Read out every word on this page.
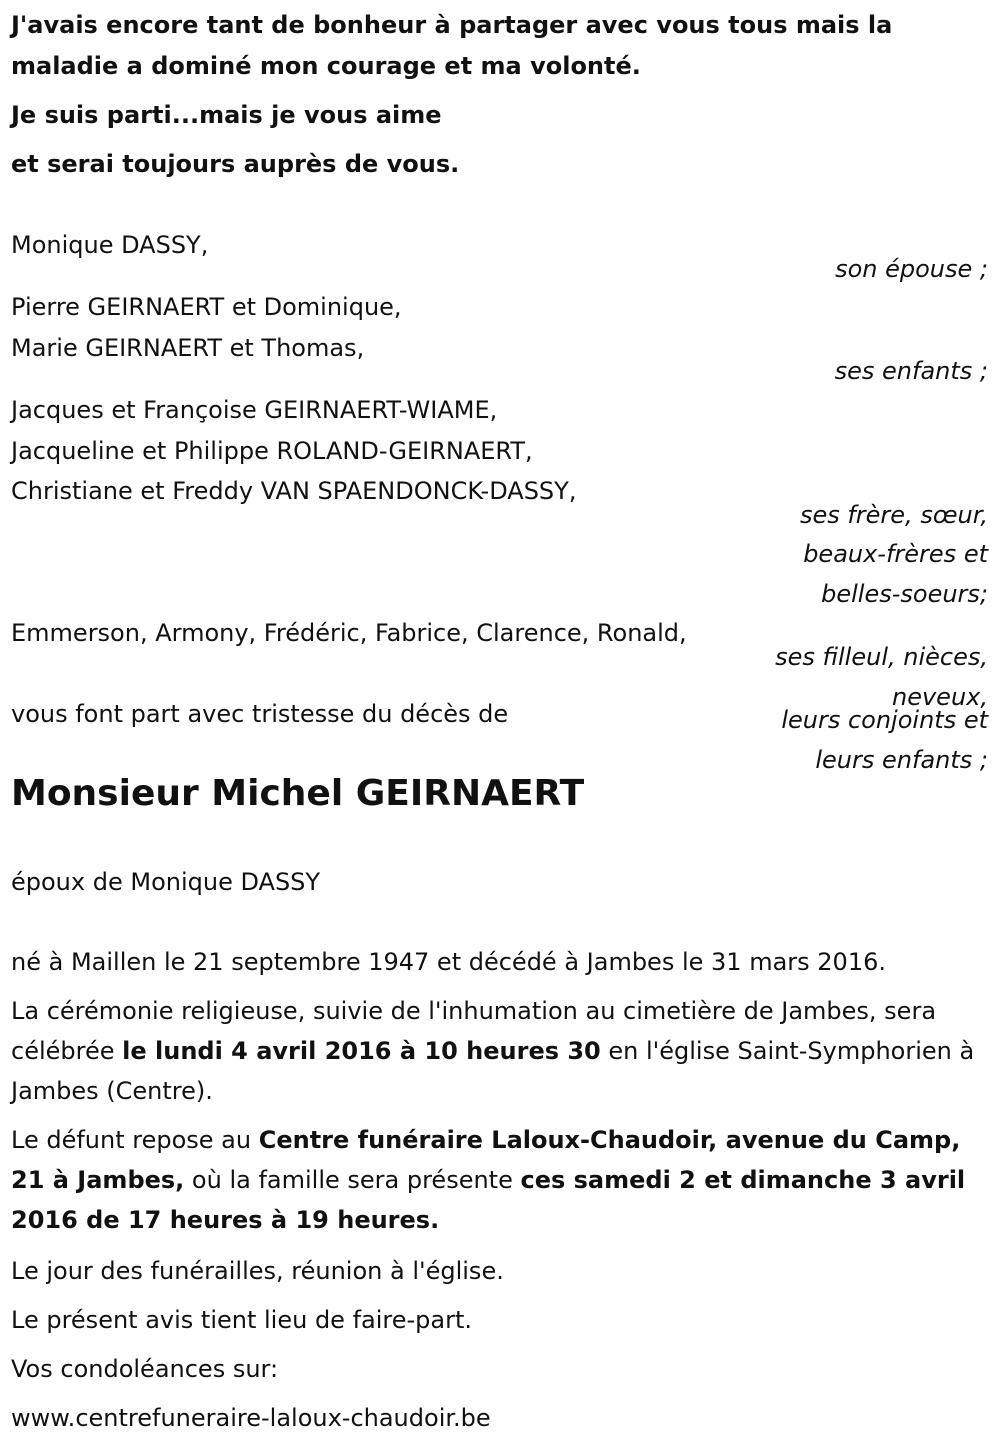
J'avais encore tant de bonheur à partager avec vous tous mais la
maladie a dominé mon courage et ma volonté.
Je suis parti...mais je vous aime
et serai toujours auprès de vous.
Monique DASSY,
son épouse ;
Pierre GEIRNAERT et Dominique,
Marie GEIRNAERT et Thomas,
ses enfants ;
Jacques et Françoise GEIRNAERT-WIAME,
Jacqueline et Philippe ROLAND-GEIRNAERT,
Christiane et Freddy VAN SPAENDONCK-DASSY,
ses frère, sœur,
beaux-frères et
belles-soeurs;
Emmerson, Armony, Frédéric, Fabrice, Clarence, Ronald,
ses filleul, nièces,
neveux,
leurs conjoints et
leurs enfants ;
vous font part avec tristesse du décès de
Monsieur Michel GEIRNAERT
époux de Monique DASSY
né à Maillen le 21 septembre 1947 et décédé à Jambes le 31 mars 2016.
La cérémonie religieuse, suivie de l'inhumation au cimetière de Jambes, sera célébrée le lundi 4 avril 2016 à 10 heures 30 en l'église Saint-Symphorien à Jambes (Centre).
Le défunt repose au Centre funéraire Laloux-Chaudoir, avenue du Camp, 21 à Jambes, où la famille sera présente ces samedi 2 et dimanche 3 avril 2016 de 17 heures à 19 heures.
Le jour des funérailles, réunion à l'église.
Le présent avis tient lieu de faire-part.
Vos condoléances sur:
www.centrefuneraire-laloux-chaudoir.be
